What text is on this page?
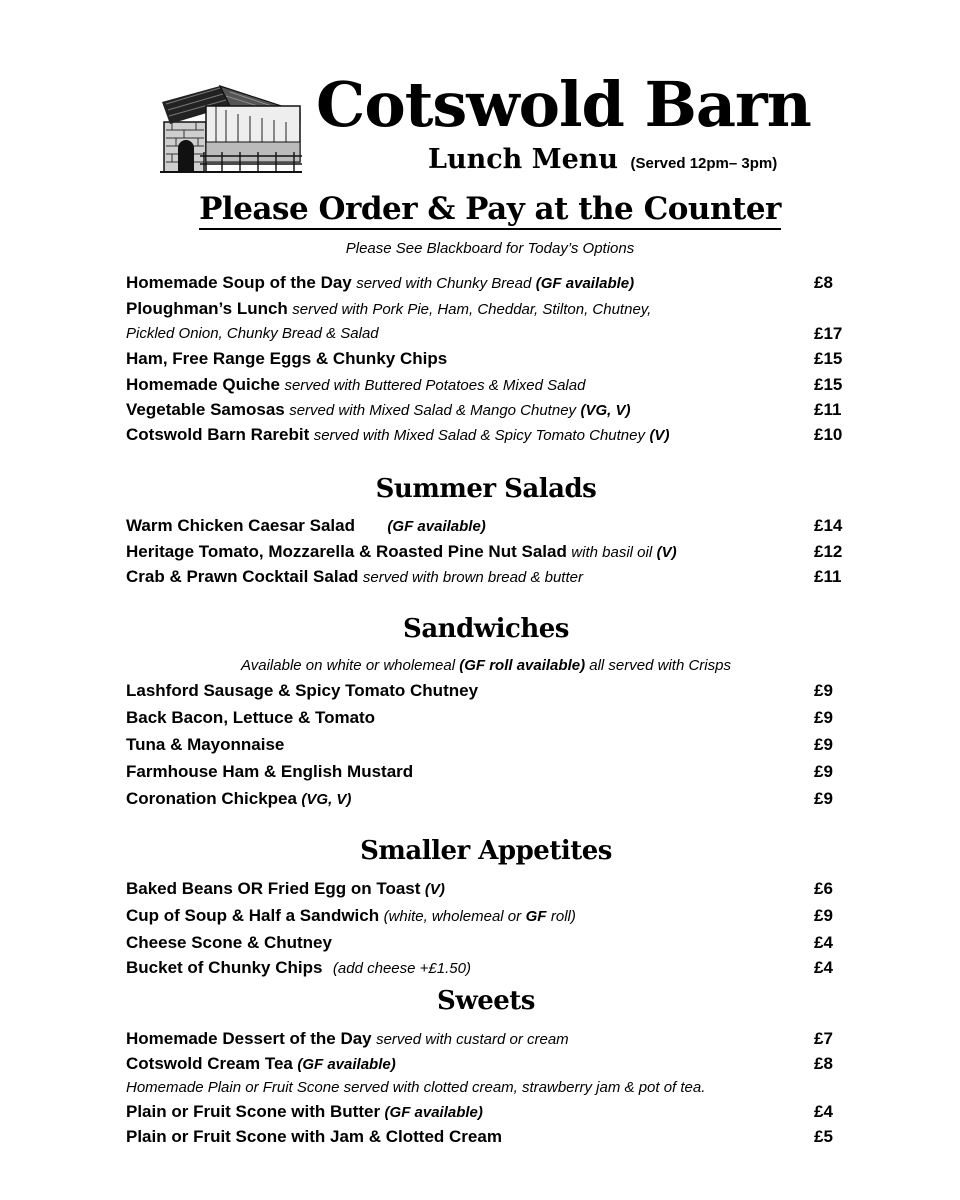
Cotswold Barn
Lunch Menu (Served 12pm– 3pm)
Please Order & Pay at the Counter
Please See Blackboard for Today’s Options
Homemade Soup of the Day served with Chunky Bread (GF available)	£8
Ploughman’s Lunch served with Pork Pie, Ham, Cheddar, Stilton, Chutney,
Pickled Onion, Chunky Bread & Salad	£17
Ham, Free Range Eggs & Chunky Chips	£15
Homemade Quiche served with Buttered Potatoes & Mixed Salad	£15
Vegetable Samosas served with Mixed Salad & Mango Chutney (VG, V)	£11
Cotswold Barn Rarebit served with Mixed Salad & Spicy Tomato Chutney (V)	£10
Summer Salads
Warm Chicken Caesar Salad (GF available)	£14
Heritage Tomato, Mozzarella & Roasted Pine Nut Salad with basil oil (V)	£12
Crab & Prawn Cocktail Salad served with brown bread & butter	£11
Sandwiches
Available on white or wholemeal (GF roll available) all served with Crisps
Lashford Sausage & Spicy Tomato Chutney	£9
Back Bacon, Lettuce & Tomato	£9
Tuna & Mayonnaise	£9
Farmhouse Ham & English Mustard	£9
Coronation Chickpea (VG, V)	£9
Smaller Appetites
Baked Beans OR Fried Egg on Toast (V)	£6
Cup of Soup & Half a Sandwich (white, wholemeal or GF roll)	£9
Cheese Scone & Chutney	£4
Bucket of Chunky Chips (add cheese +£1.50)	£4
Sweets
Homemade Dessert of the Day served with custard or cream	£7
Cotswold Cream Tea (GF available)	£8
Homemade Plain or Fruit Scone served with clotted cream, strawberry jam & pot of tea.
Plain or Fruit Scone with Butter (GF available)	£4
Plain or Fruit Scone with Jam & Clotted Cream	£5
